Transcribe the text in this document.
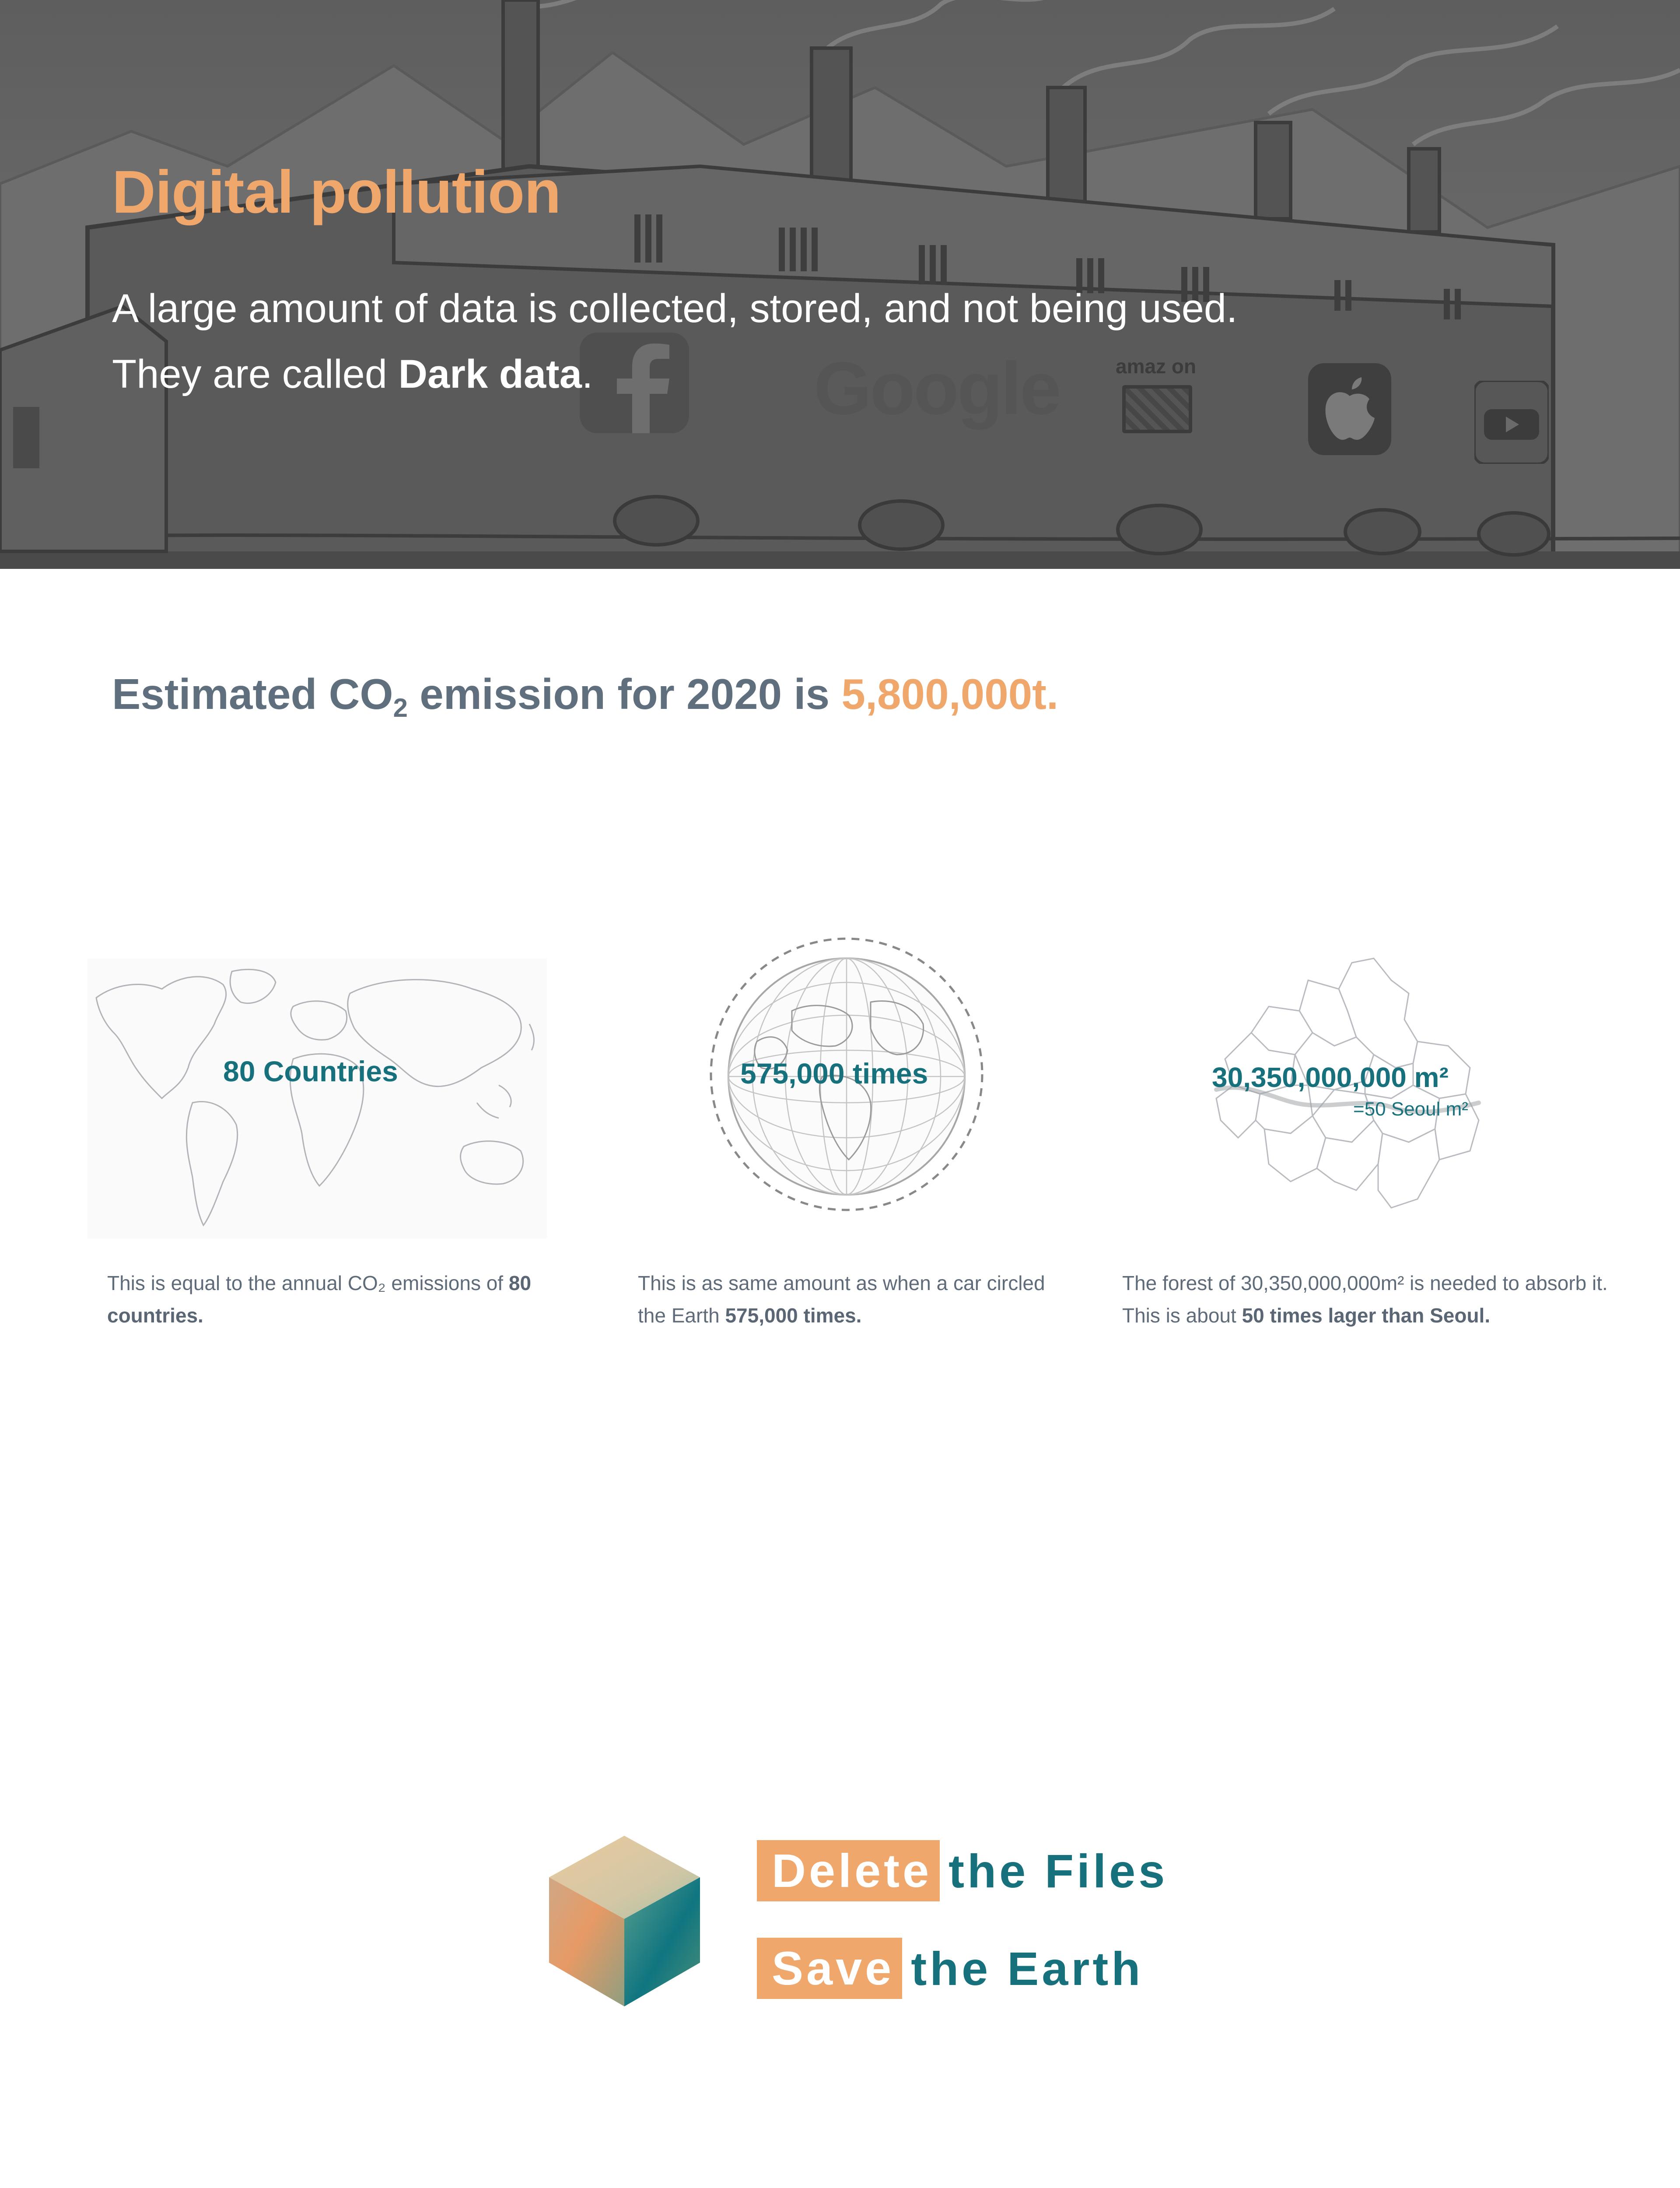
Google	amaz on
Digital pollution

A large amount of data is collected, stored, and not being used. They are called Dark data.

Estimated CO2 emission for 2020 is 5,800,000t.
80 Countries

This is equal to the annual CO₂ emissions of 80 countries.

575,000 times

This is as same amount as when a car circled the Earth 575,000 times.

30,350,000,000 m²
=50 Seoul m²

The forest of 30,350,000,000m² is needed to absorb it. This is about 50 times lager than Seoul.

Delete the Files
Save the Earth
